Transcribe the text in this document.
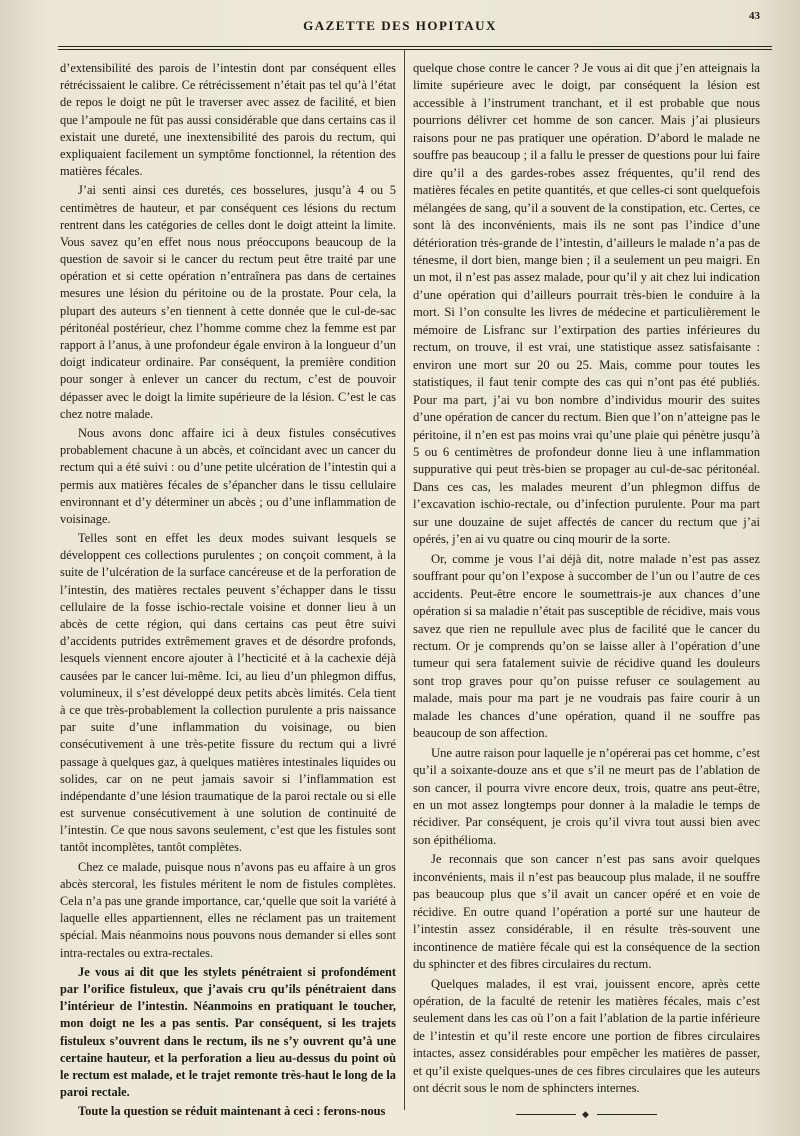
GAZETTE DES HOPITAUX
43

d’extensibilité des parois de l’intestin dont par conséquent elles rétrécissaient le calibre. Ce rétrécissement n’était pas tel qu’à l’état de repos le doigt ne pût le traverser avec assez de facilité, et bien que l’ampoule ne fût pas aussi considérable que dans certains cas il existait une dureté, une inextensibilité des parois du rectum, qui expliquaient facilement un symptôme fonctionnel, la rétention des matières fécales.

J’ai senti ainsi ces duretés, ces bosselures, jusqu’à 4 ou 5 centimètres de hauteur, et par conséquent ces lésions du rectum rentrent dans les catégories de celles dont le doigt atteint la limite. Vous savez qu’en effet nous nous préoccupons beaucoup de la question de savoir si le cancer du rectum peut être traité par une opération et si cette opération n’entraînera pas dans de certaines mesures une lésion du péritoine ou de la prostate. Pour cela, la plupart des auteurs s’en tiennent à cette donnée que le cul-de-sac péritonéal postérieur, chez l’homme comme chez la femme est par rapport à l’anus, à une profondeur égale environ à la longueur d’un doigt indicateur ordinaire. Par conséquent, la première condition pour songer à enlever un cancer du rectum, c’est de pouvoir dépasser avec le doigt la limite supérieure de la lésion. C’est le cas chez notre malade.

Nous avons donc affaire ici à deux fistules consécutives probablement chacune à un abcès, et coïncidant avec un cancer du rectum qui a été suivi : ou d’une petite ulcération de l’intestin qui a permis aux matières fécales de s’épancher dans le tissu cellulaire environnant et d’y déterminer un abcès ; ou d’une inflammation de voisinage.

Telles sont en effet les deux modes suivant lesquels se développent ces collections purulentes ; on conçoit comment, à la suite de l’ulcération de la surface cancéreuse et de la perforation de l’intestin, des matières rectales peuvent s’échapper dans le tissu cellulaire de la fosse ischio-rectale voisine et donner lieu à un abcès de cette région, qui dans certains cas peut être suivi d’accidents putrides extrêmement graves et de désordre profonds, lesquels viennent encore ajouter à l’hecticité et à la cachexie déjà causées par le cancer lui-même. Ici, au lieu d’un phlegmon diffus, volumineux, il s’est développé deux petits abcès limités. Cela tient à ce que très-probablement la collection purulente a pris naissance par suite d’une inflammation du voisinage, ou bien consécutivement à une très-petite fissure du rectum qui a livré passage à quelques gaz, à quelques matières intestinales liquides ou solides, car on ne peut jamais savoir si l’inflammation est indépendante d’une lésion traumatique de la paroi rectale ou si elle est survenue consécutivement à une solution de continuité de l’intestin. Ce que nous savons seulement, c’est que les fistules sont tantôt incomplètes, tantôt complètes.

Chez ce malade, puisque nous n’avons pas eu affaire à un gros abcès stercoral, les fistules méritent le nom de fistules complètes. Cela n’a pas une grande importance, car,‘quelle que soit la variété à laquelle elles appartiennent, elles ne réclament pas un traitement spécial. Mais néanmoins nous pouvons nous demander si elles sont intra-rectales ou extra-rectales.

Je vous ai dit que les stylets pénétraient si profondément par l’orifice fistuleux, que j’avais cru qu’ils pénétraient dans l’intérieur de l’intestin. Néanmoins en pratiquant le toucher, mon doigt ne les a pas sentis. Par conséquent, si les trajets fistuleux s’ouvrent dans le rectum, ils ne s’y ouvrent qu’à une certaine hauteur, et la perforation a lieu au-dessus du point où le rectum est malade, et le trajet remonte très-haut le long de la paroi rectale.

Toute la question se réduit maintenant à ceci : ferons-nous

quelque chose contre le cancer ? Je vous ai dit que j’en atteignais la limite supérieure avec le doigt, par conséquent la lésion est accessible à l’instrument tranchant, et il est probable que nous pourrions délivrer cet homme de son cancer. Mais j’ai plusieurs raisons pour ne pas pratiquer une opération. D’abord le malade ne souffre pas beaucoup ; il a fallu le presser de questions pour lui faire dire qu’il a des gardes-robes assez fréquentes, qu’il rend des matières fécales en petite quantités, et que celles-ci sont quelquefois mélangées de sang, qu’il a souvent de la constipation, etc. Certes, ce sont là des inconvénients, mais ils ne sont pas l’indice d’une détérioration très-grande de l’intestin, d’ailleurs le malade n’a pas de ténesme, il dort bien, mange bien ; il a seulement un peu maigri. En un mot, il n’est pas assez malade, pour qu’il y ait chez lui indication d’une opération qui d’ailleurs pourrait très-bien le conduire à la mort. Si l’on consulte les livres de médecine et particulièrement le mémoire de Lisfranc sur l’extirpation des parties inférieures du rectum, on trouve, il est vrai, une statistique assez satisfaisante : environ une mort sur 20 ou 25. Mais, comme pour toutes les statistiques, il faut tenir compte des cas qui n’ont pas été publiés. Pour ma part, j’ai vu bon nombre d’individus mourir des suites d’une opération de cancer du rectum. Bien que l’on n’atteigne pas le péritoine, il n’en est pas moins vrai qu’une plaie qui pénètre jusqu’à 5 ou 6 centimètres de profondeur donne lieu à une inflammation suppurative qui peut très-bien se propager au cul-de-sac péritonéal. Dans ces cas, les malades meurent d’un phlegmon diffus de l’excavation ischio-rectale, ou d’infection purulente. Pour ma part sur une douzaine de sujet affectés de cancer du rectum que j’ai opérés, j’en ai vu quatre ou cinq mourir de la sorte.

Or, comme je vous l’ai déjà dit, notre malade n’est pas assez souffrant pour qu’on l’expose à succomber de l’un ou l’autre de ces accidents. Peut-être encore le soumettrais-je aux chances d’une opération si sa maladie n’était pas susceptible de récidive, mais vous savez que rien ne repullule avec plus de facilité que le cancer du rectum. Or je comprends qu’on se laisse aller à l’opération d’une tumeur qui sera fatalement suivie de récidive quand les douleurs sont trop graves pour qu’on puisse refuser ce soulagement au malade, mais pour ma part je ne voudrais pas faire courir à un malade les chances d’une opération, quand il ne souffre pas beaucoup de son affection.

Une autre raison pour laquelle je n’opérerai pas cet homme, c’est qu’il a soixante-douze ans et que s’il ne meurt pas de l’ablation de son cancer, il pourra vivre encore deux, trois, quatre ans peut-être, en un mot assez longtemps pour donner à la maladie le temps de récidiver. Par conséquent, je crois qu’il vivra tout aussi bien avec son épithélioma.

Je reconnais que son cancer n’est pas sans avoir quelques inconvénients, mais il n’est pas beaucoup plus malade, il ne souffre pas beaucoup plus que s’il avait un cancer opéré et en voie de récidive. En outre quand l’opération a porté sur une hauteur de l’intestin assez considérable, il en résulte très-souvent une incontinence de matière fécale qui est la conséquence de la section du sphincter et des fibres circulaires du rectum.

Quelques malades, il est vrai, jouissent encore, après cette opération, de la faculté de retenir les matières fécales, mais c’est seulement dans les cas où l’on a fait l’ablation de la partie inférieure de l’intestin et qu’il reste encore une portion de fibres circulaires intactes, assez considérables pour empêcher les matières de passer, et qu’il existe quelques-unes de ces fibres circulaires que les auteurs ont décrit sous le nom de sphincters internes.

◆
